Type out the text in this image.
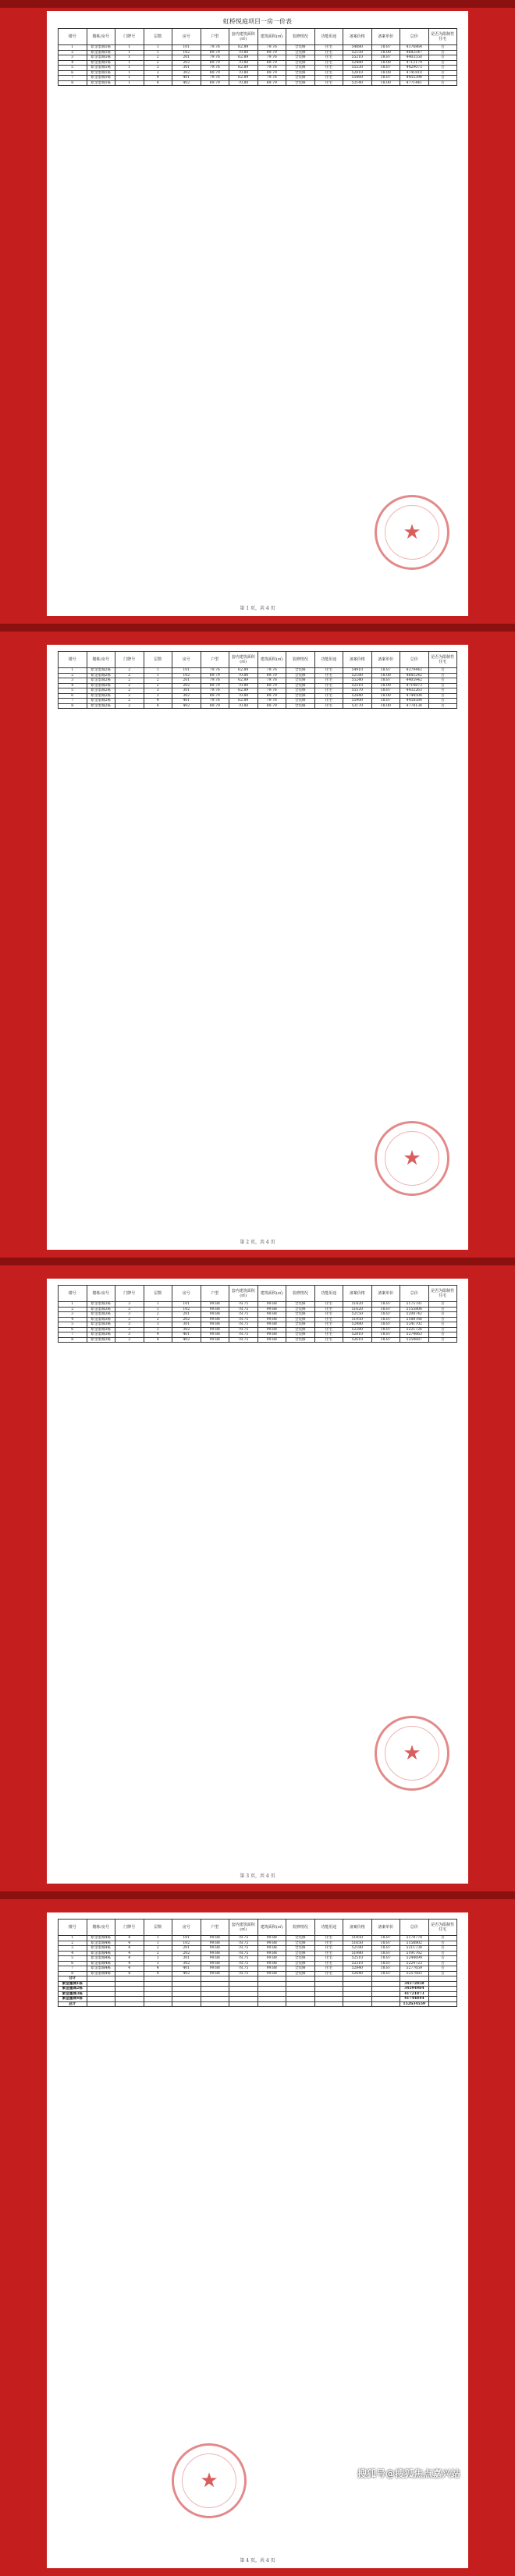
虹桥悦庭项目一房一价表
楼号	楼栋/房号	门牌号	层数	房号	户型	套内建筑面积(㎡)	建筑面积(㎡)	装修情况	功能用途	备案价格	备案单价	总价	是否为限制性住宅
1	紫金墨城1栋	1	1	101	79.76	62.89	79.76	全装修	住宅	54880	18.87	4376864	否
2	紫金墨城1栋	1	1	102	89.79	70.80	89.79	全装修	住宅	52150	18.00	4682547	否
3	紫金墨城1栋	1	2	201	79.76	62.89	79.76	全装修	住宅	55210	18.87	4403550	否
4	紫金墨城1栋	1	2	202	89.79	70.80	89.79	全装修	住宅	52480	18.00	4712179	否
5	紫金墨城1栋	1	3	301	79.76	62.89	79.76	全装修	住宅	55530	18.87	4429073	否
6	紫金墨城1栋	1	3	302	89.79	70.80	89.79	全装修	住宅	52810	18.00	4741810	否
7	紫金墨城1栋	1	4	401	79.76	62.89	79.76	全装修	住宅	55860	18.87	4455394	否
8	紫金墨城1栋	1	4	402	89.79	70.80	89.79	全装修	住宅	53140	18.00	4771441	否
★
第 1 页，共 4 页
楼号	楼栋/房号	门牌号	层数	房号	户型	套内建筑面积(㎡)	建筑面积(㎡)	装修情况	功能用途	备案价格	备案单价	总价	是否为限制性住宅
1	紫金墨城2栋	2	1	101	79.76	62.89	79.76	全装修	住宅	54910	18.87	4379442	否
2	紫金墨城2栋	2	1	102	89.79	70.80	89.79	全装修	住宅	52180	18.00	4685242	否
3	紫金墨城2栋	2	2	201	79.76	62.89	79.76	全装修	住宅	55240	18.87	4405942	否
4	紫金墨城2栋	2	2	202	89.79	70.80	89.79	全装修	住宅	52510	18.00	4714873	否
5	紫金墨城2栋	2	3	301	79.76	62.89	79.76	全装修	住宅	55570	18.87	4432263	否
6	紫金墨城2栋	2	3	302	89.79	70.80	89.79	全装修	住宅	52840	18.00	4744504	否
7	紫金墨城2栋	2	4	401	79.76	62.89	79.76	全装修	住宅	55900	18.87	4458584	否
8	紫金墨城2栋	2	4	402	89.79	70.80	89.79	全装修	住宅	53170	18.00	4774134	否
★
第 2 页，共 4 页
楼号	楼栋/房号	门牌号	层数	房号	户型	套内建筑面积(㎡)	建筑面积(㎡)	装修情况	功能用途	备案价格	备案单价	总价	是否为限制性住宅
1	紫金墨城3栋	3	1	101	99.88	78.75	99.88	全装修	住宅	51820	18.87	5175781	否
2	紫金墨城3栋	3	1	102	99.88	78.75	99.88	全装修	住宅	51620	18.87	5155806	否
3	紫金墨城3栋	3	2	201	99.88	78.75	99.88	全装修	住宅	52150	18.87	5208742	否
4	紫金墨城3栋	3	2	202	99.88	78.75	99.88	全装修	住宅	51950	18.87	5188766	否
5	紫金墨城3栋	3	3	301	99.88	78.75	99.88	全装修	住宅	52480	18.87	5241702	否
6	紫金墨城3栋	3	3	302	99.88	78.75	99.88	全装修	住宅	52280	18.87	5221726	否
7	紫金墨城3栋	3	4	401	99.88	78.75	99.88	全装修	住宅	52810	18.87	5274663	否
8	紫金墨城3栋	3	4	402	99.88	78.75	99.88	全装修	住宅	52610	18.87	5254687	否
★
第 3 页，共 4 页
楼号	楼栋/房号	门牌号	层数	房号	户型	套内建筑面积(㎡)	建筑面积(㎡)	装修情况	功能用途	备案价格	备案单价	总价	是否为限制性住宅
1	紫金墨城4栋	4	1	101	99.88	78.75	99.88	全装修	住宅	51850	18.87	5178778	否
2	紫金墨城4栋	4	1	102	99.88	78.75	99.88	全装修	住宅	51650	18.87	5158802	否
3	紫金墨城4栋	4	2	201	99.88	78.75	99.88	全装修	住宅	52180	18.87	5211738	否
4	紫金墨城4栋	4	2	202	99.88	78.75	99.88	全装修	住宅	51980	18.87	5191762	否
5	紫金墨城4栋	4	3	301	99.88	78.75	99.88	全装修	住宅	52510	18.87	5244699	否
6	紫金墨城4栋	4	3	302	99.88	78.75	99.88	全装修	住宅	52310	18.87	5224723	否
7	紫金墨城4栋	4	4	401	99.88	78.75	99.88	全装修	住宅	52840	18.87	5277659	否
8	紫金墨城4栋	4	4	402	99.88	78.75	99.88	全装修	住宅	52640	18.87	5257683	否
合计													
紫金墨城1栋												34572858	
紫金墨城2栋												34594984	
紫金墨城3栋												41721873	
紫金墨城4栋												41744844	
总计												152634559	
★
第 4 页，共 4 页
搜狐号@搜狐焦点嘉兴站
